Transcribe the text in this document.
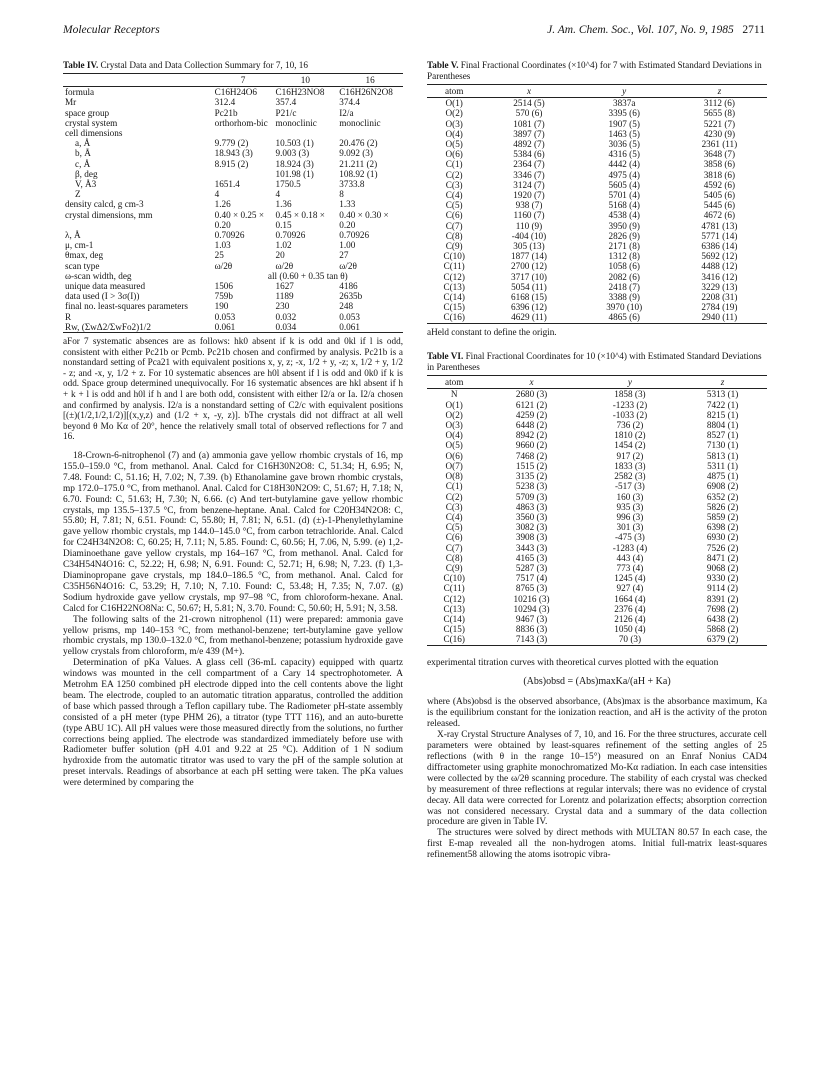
Molecular Receptors	J. Am. Chem. Soc., Vol. 107, No. 9, 1985 2711
Table IV. Crystal Data and Data Collection Summary for 7, 10, 16
	7	10	16
formula	C16H24O6	C16H23NO8	C16H26N2O8
Mr	312.4	357.4	374.4
space group	Pc21b	P21/c	I2/a
crystal system	orthorhom-bic	monoclinic	monoclinic
cell dimensions			
a, Å	9.779 (2)	10.503 (1)	20.476 (2)
b, Å	18.943 (3)	9.003 (3)	9.092 (3)
c, Å	8.915 (2)	18.924 (3)	21.211 (2)
β, deg		101.98 (1)	108.92 (1)
V, Å3	1651.4	1750.5	3733.8
Z	4	4	8
density calcd, g cm-3	1.26	1.36	1.33
crystal dimensions, mm	0.40 × 0.25 × 0.20	0.45 × 0.18 × 0.15	0.40 × 0.30 × 0.20
λ, Å	0.70926	0.70926	0.70926
μ, cm-1	1.03	1.02	1.00
θmax, deg	25	20	27
scan type	ω/2θ	ω/2θ	ω/2θ
ω-scan width, deg	all (0.60 + 0.35 tan θ)		
unique data measured	1506	1627	4186
data used (I > 3σ(I))	759b	1189	2635b
final no. least-squares parameters	190	230	248
R	0.053	0.032	0.053
Rw, (ΣwΔ2/ΣwFo2)1/2	0.061	0.034	0.061
aFor 7 systematic absences are as follows: hk0 absent if k is odd and 0kl if l is odd, consistent with either Pc21b or Pcmb. Pc21b chosen and confirmed by analysis. Pc21b is a nonstandard setting of Pca21 with equivalent positions x, y, z; -x, 1/2 + y, -z; x, 1/2 + y, 1/2 - z; and -x, y, 1/2 + z. For 10 systematic absences are h0l absent if l is odd and 0k0 if k is odd. Space group determined unequivocally. For 16 systematic absences are hkl absent if h + k + l is odd and h0l if h and l are both odd, consistent with either I2/a or Ia. I2/a chosen and confirmed by analysis. I2/a is a nonstandard setting of C2/c with equivalent positions [(±)(1/2,1/2,1/2)][(x,y,z) and (1/2 + x, -y, z)]. bThe crystals did not diffract at all well beyond θ Mo Kα of 20°, hence the relatively small total of observed reflections for 7 and 16.

18-Crown-6-nitrophenol (7) and (a) ammonia gave yellow rhombic crystals of 16, mp 155.0–159.0 °C, from methanol. Anal. Calcd for C16H30N2O8: C, 51.34; H, 6.95; N, 7.48. Found: C, 51.16; H, 7.02; N, 7.39. (b) Ethanolamine gave brown rhombic crystals, mp 172.0–175.0 °C, from methanol. Anal. Calcd for C18H30N2O9: C, 51.67; H, 7.18; N, 6.70. Found: C, 51.63; H, 7.30; N, 6.66. (c) And tert-butylamine gave yellow rhombic crystals, mp 135.5–137.5 °C, from benzene-heptane. Anal. Calcd for C20H34N2O8: C, 55.80; H, 7.81; N, 6.51. Found: C, 55.80; H, 7.81; N, 6.51. (d) (±)-1-Phenylethylamine gave yellow rhombic crystals, mp 144.0–145.0 °C, from carbon tetrachloride. Anal. Calcd for C24H34N2O8: C, 60.25; H, 7.11; N, 5.85. Found: C, 60.56; H, 7.06, N, 5.99. (e) 1,2-Diaminoethane gave yellow crystals, mp 164–167 °C, from methanol. Anal. Calcd for C34H54N4O16: C, 52.22; H, 6.98; N, 6.91. Found: C, 52.71; H, 6.98; N, 7.23. (f) 1,3-Diaminopropane gave crystals, mp 184.0–186.5 °C, from methanol. Anal. Calcd for C35H56N4O16: C, 53.29; H, 7.10; N, 7.10. Found: C, 53.48; H, 7.35; N, 7.07. (g) Sodium hydroxide gave yellow crystals, mp 97–98 °C, from chloroform-hexane. Anal. Calcd for C16H22NO8Na: C, 50.67; H, 5.81; N, 3.70. Found: C, 50.60; H, 5.91; N, 3.58.

The following salts of the 21-crown nitrophenol (11) were prepared: ammonia gave yellow prisms, mp 140–153 °C, from methanol-benzene; tert-butylamine gave yellow rhombic crystals, mp 130.0–132.0 °C, from methanol-benzene; potassium hydroxide gave yellow crystals from chloroform, m/e 439 (M+).

Determination of pKa Values. A glass cell (36-mL capacity) equipped with quartz windows was mounted in the cell compartment of a Cary 14 spectrophotometer. A Metrohm EA 1250 combined pH electrode dipped into the cell contents above the light beam. The electrode, coupled to an automatic titration apparatus, controlled the addition of base which passed through a Teflon capillary tube. The Radiometer pH-state assembly consisted of a pH meter (type PHM 26), a titrator (type TTT 116), and an auto-burette (type ABU 1C). All pH values were those measured directly from the solutions, no further corrections being applied. The electrode was standardized immediately before use with Radiometer buffer solution (pH 4.01 and 9.22 at 25 °C). Addition of 1 N sodium hydroxide from the automatic titrator was used to vary the pH of the sample solution at preset intervals. Readings of absorbance at each pH setting were taken. The pKa values were determined by comparing the

Table V. Final Fractional Coordinates (×10^4) for 7 with Estimated Standard Deviations in Parentheses
atom	x	y	z
O(1)	2514 (5)	3837a	3112 (6)
O(2)	570 (6)	3395 (6)	5655 (8)
O(3)	1081 (7)	1907 (5)	5221 (7)
O(4)	3897 (7)	1463 (5)	4230 (9)
O(5)	4892 (7)	3036 (5)	2361 (11)
O(6)	5384 (6)	4316 (5)	3648 (7)
C(1)	2364 (7)	4442 (4)	3858 (6)
C(2)	3346 (7)	4975 (4)	3818 (6)
C(3)	3124 (7)	5605 (4)	4592 (6)
C(4)	1920 (7)	5701 (4)	5405 (6)
C(5)	938 (7)	5168 (4)	5445 (6)
C(6)	1160 (7)	4538 (4)	4672 (6)
C(7)	110 (9)	3950 (9)	4781 (13)
C(8)	-404 (10)	2826 (9)	5771 (14)
C(9)	305 (13)	2171 (8)	6386 (14)
C(10)	1877 (14)	1312 (8)	5692 (12)
C(11)	2700 (12)	1058 (6)	4488 (12)
C(12)	3717 (10)	2082 (6)	3416 (12)
C(13)	5054 (11)	2418 (7)	3229 (13)
C(14)	6168 (15)	3388 (9)	2208 (31)
C(15)	6396 (12)	3970 (10)	2784 (19)
C(16)	4629 (11)	4865 (6)	2940 (11)
aHeld constant to define the origin.
Table VI. Final Fractional Coordinates for 10 (×10^4) with Estimated Standard Deviations in Parentheses
atom	x	y	z
N	2680 (3)	1858 (3)	5313 (1)
O(1)	6121 (2)	-1233 (2)	7422 (1)
O(2)	4259 (2)	-1033 (2)	8215 (1)
O(3)	6448 (2)	736 (2)	8804 (1)
O(4)	8942 (2)	1810 (2)	8527 (1)
O(5)	9660 (2)	1454 (2)	7130 (1)
O(6)	7468 (2)	917 (2)	5813 (1)
O(7)	1515 (2)	1833 (3)	5311 (1)
O(8)	3135 (2)	2582 (3)	4875 (1)
C(1)	5238 (3)	-517 (3)	6908 (2)
C(2)	5709 (3)	160 (3)	6352 (2)
C(3)	4863 (3)	935 (3)	5826 (2)
C(4)	3560 (3)	996 (3)	5859 (2)
C(5)	3082 (3)	301 (3)	6398 (2)
C(6)	3908 (3)	-475 (3)	6930 (2)
C(7)	3443 (3)	-1283 (4)	7526 (2)
C(8)	4165 (3)	443 (4)	8471 (2)
C(9)	5287 (3)	773 (4)	9068 (2)
C(10)	7517 (4)	1245 (4)	9330 (2)
C(11)	8765 (3)	927 (4)	9114 (2)
C(12)	10216 (3)	1664 (4)	8391 (2)
C(13)	10294 (3)	2376 (4)	7698 (2)
C(14)	9467 (3)	2126 (4)	6438 (2)
C(15)	8836 (3)	1050 (4)	5868 (2)
C(16)	7143 (3)	70 (3)	6379 (2)

experimental titration curves with theoretical curves plotted with the equation

(Abs)obsd = (Abs)maxKa/(aH + Ka)

where (Abs)obsd is the observed absorbance, (Abs)max is the absorbance maximum, Ka is the equilibrium constant for the ionization reaction, and aH is the activity of the proton released.

X-ray Crystal Structure Analyses of 7, 10, and 16. For the three structures, accurate cell parameters were obtained by least-squares refinement of the setting angles of 25 reflections (with θ in the range 10–15°) measured on an Enraf Nonius CAD4 diffractometer using graphite monochromatized Mo-Kα radiation. In each case intensities were collected by the ω/2θ scanning procedure. The stability of each crystal was checked by measurement of three reflections at regular intervals; there was no evidence of crystal decay. All data were corrected for Lorentz and polarization effects; absorption correction was not considered necessary. Crystal data and a summary of the data collection procedure are given in Table IV.

The structures were solved by direct methods with MULTAN 80.57 In each case, the first E-map revealed all the non-hydrogen atoms. Initial full-matrix least-squares refinement58 allowing the atoms isotropic vibra-
